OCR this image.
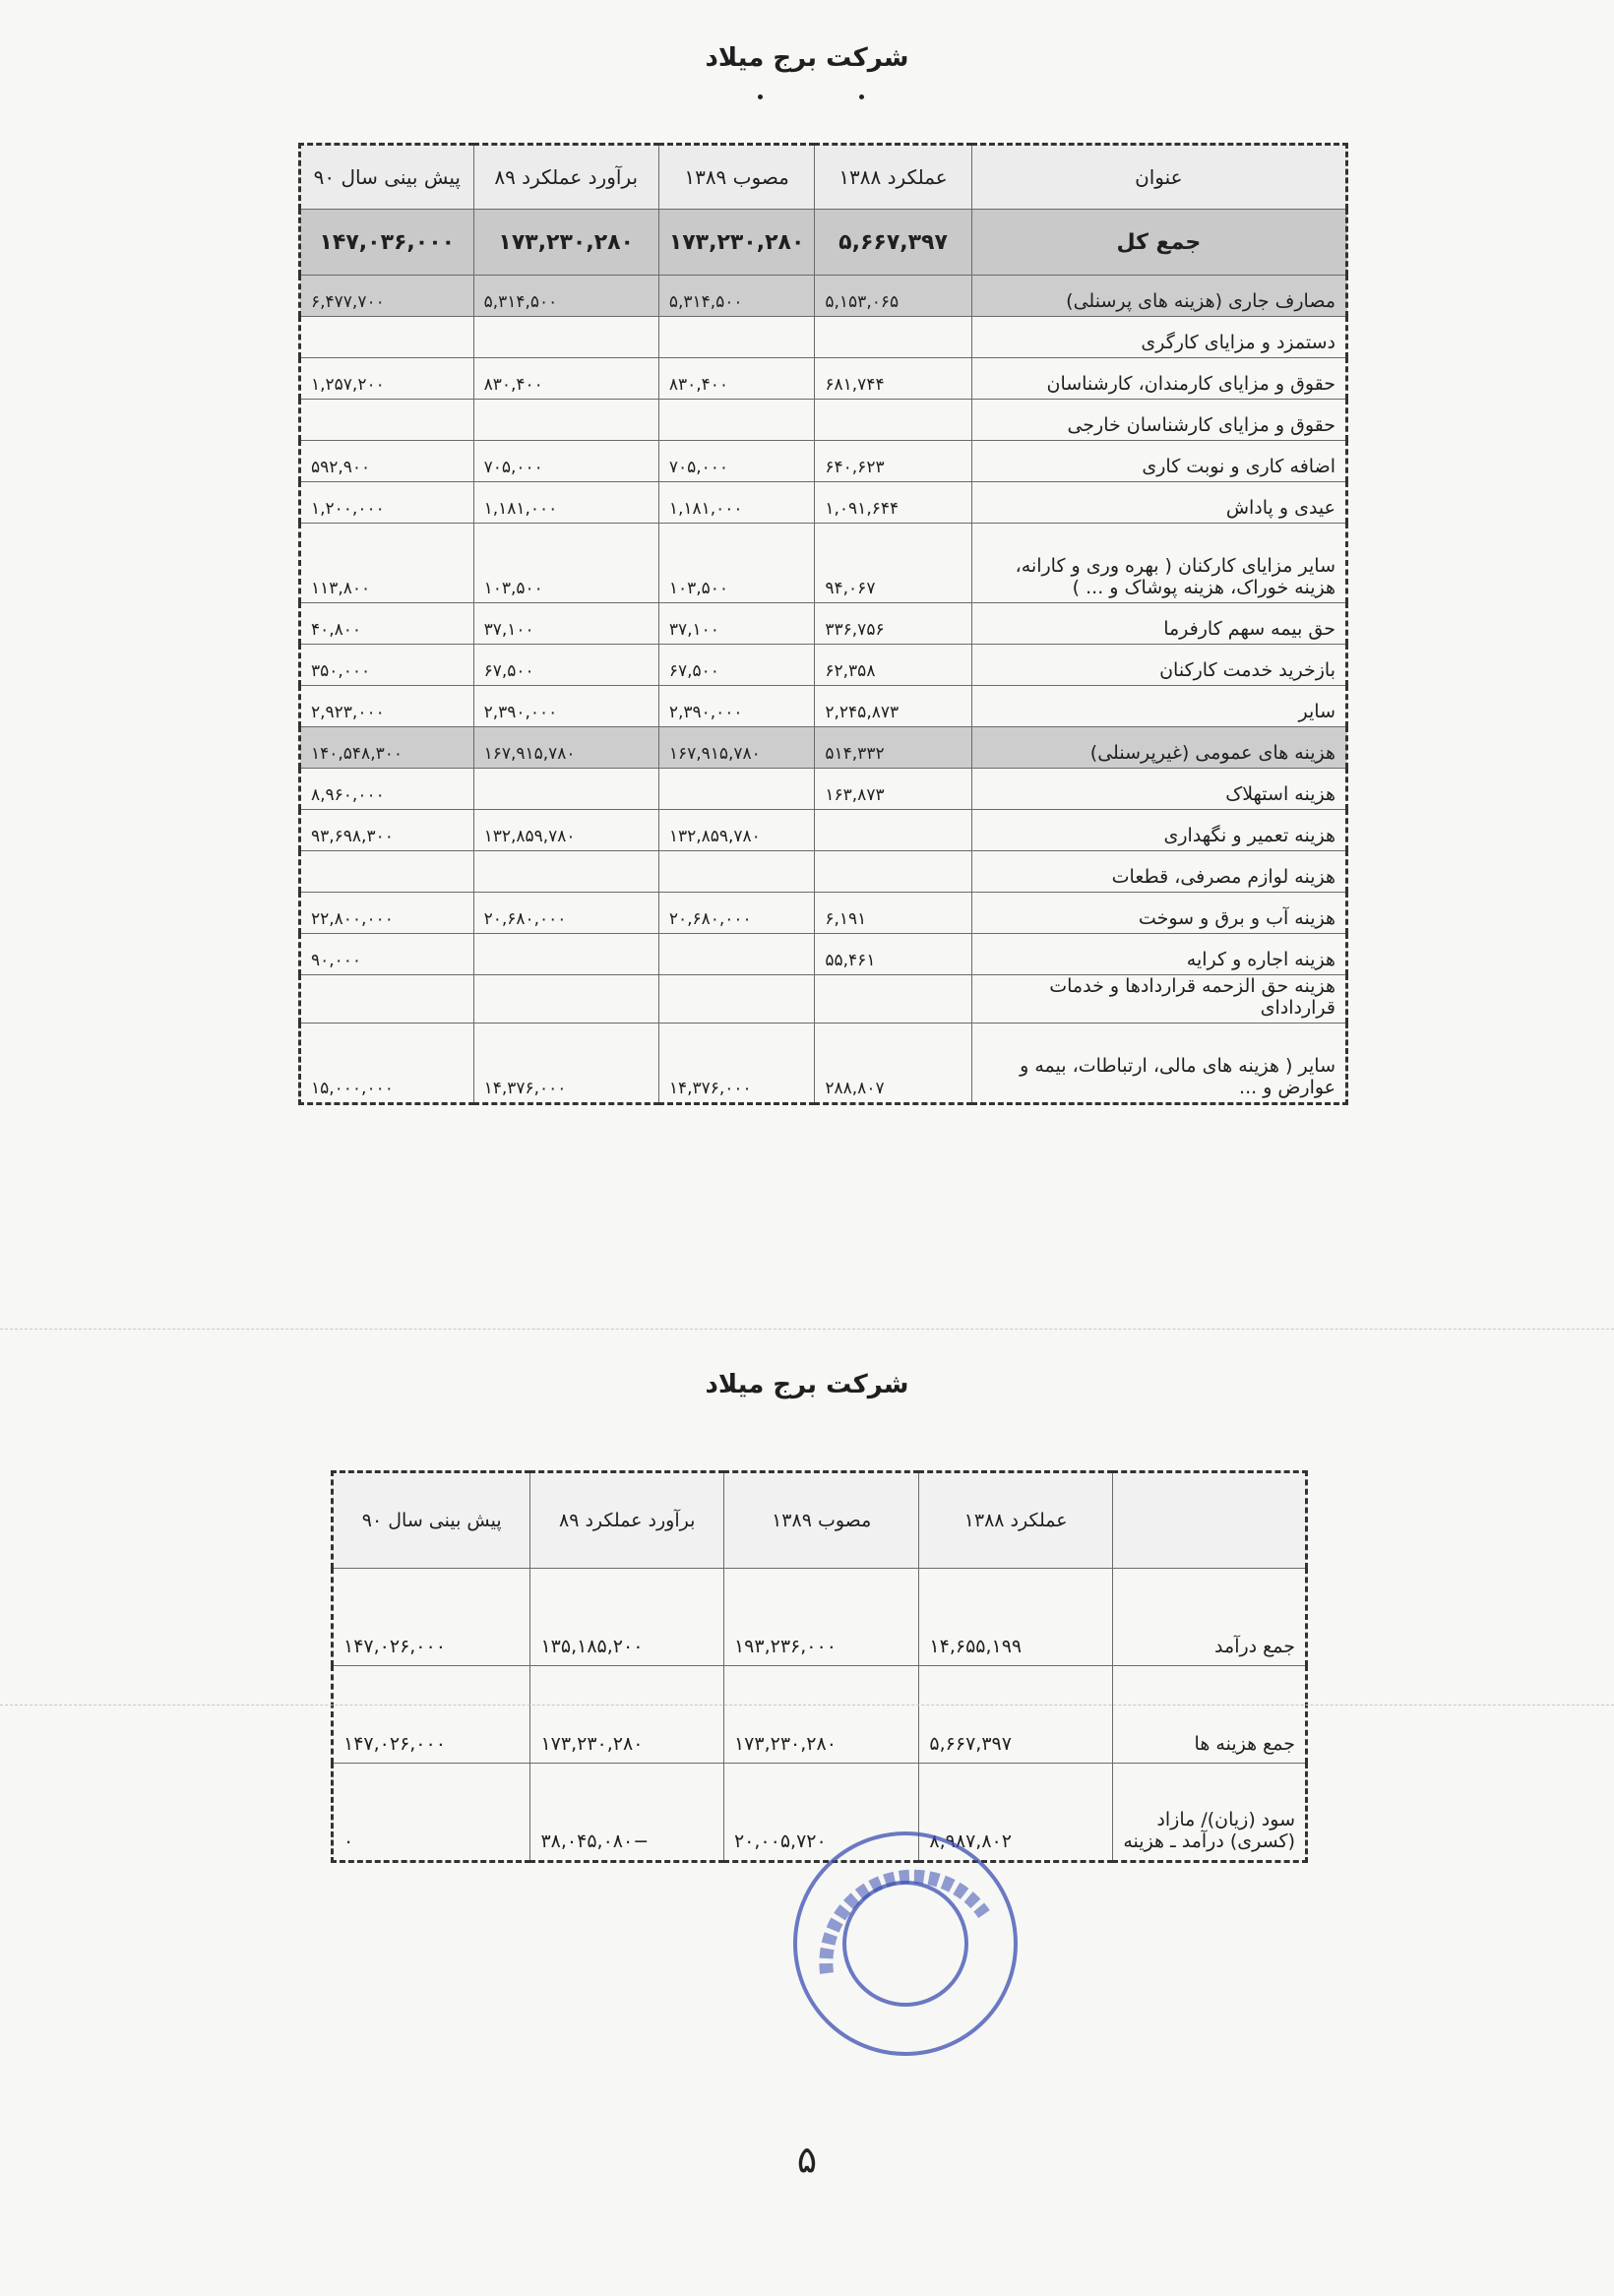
شرکت برج میلاد
عنوان	عملکرد ۱۳۸۸	مصوب ۱۳۸۹	برآورد عملکرد ۸۹	پیش بینی سال ۹۰
جمع کل	۵,۶۶۷,۳۹۷	۱۷۳,۲۳۰,۲۸۰	۱۷۳,۲۳۰,۲۸۰	۱۴۷,۰۳۶,۰۰۰
مصارف جاری (هزینه های پرسنلی)	۵,۱۵۳,۰۶۵	۵,۳۱۴,۵۰۰	۵,۳۱۴,۵۰۰	۶,۴۷۷,۷۰۰
دستمزد و مزایای کارگری				
حقوق و مزایای کارمندان، کارشناسان	۶۸۱,۷۴۴	۸۳۰,۴۰۰	۸۳۰,۴۰۰	۱,۲۵۷,۲۰۰
حقوق و مزایای کارشناسان خارجی				
اضافه کاری و نوبت کاری	۶۴۰,۶۲۳	۷۰۵,۰۰۰	۷۰۵,۰۰۰	۵۹۲,۹۰۰
عیدی و پاداش	۱,۰۹۱,۶۴۴	۱,۱۸۱,۰۰۰	۱,۱۸۱,۰۰۰	۱,۲۰۰,۰۰۰
سایر مزایای کارکنان ( بهره وری و کارانه، هزینه خوراک، هزینه پوشاک و ... )	۹۴,۰۶۷	۱۰۳,۵۰۰	۱۰۳,۵۰۰	۱۱۳,۸۰۰
حق بیمه سهم کارفرما	۳۳۶,۷۵۶	۳۷,۱۰۰	۳۷,۱۰۰	۴۰,۸۰۰
بازخرید خدمت کارکنان	۶۲,۳۵۸	۶۷,۵۰۰	۶۷,۵۰۰	۳۵۰,۰۰۰
سایر	۲,۲۴۵,۸۷۳	۲,۳۹۰,۰۰۰	۲,۳۹۰,۰۰۰	۲,۹۲۳,۰۰۰
هزینه های عمومی (غیرپرسنلی)	۵۱۴,۳۳۲	۱۶۷,۹۱۵,۷۸۰	۱۶۷,۹۱۵,۷۸۰	۱۴۰,۵۴۸,۳۰۰
هزینه استهلاک	۱۶۳,۸۷۳			۸,۹۶۰,۰۰۰
هزینه تعمیر و نگهداری		۱۳۲,۸۵۹,۷۸۰	۱۳۲,۸۵۹,۷۸۰	۹۳,۶۹۸,۳۰۰
هزینه لوازم مصرفی، قطعات				
هزینه آب و برق و سوخت	۶,۱۹۱	۲۰,۶۸۰,۰۰۰	۲۰,۶۸۰,۰۰۰	۲۲,۸۰۰,۰۰۰
هزینه اجاره و کرایه	۵۵,۴۶۱			۹۰,۰۰۰
هزینه حق الزحمه قراردادها و خدمات قراردادای				
سایر ( هزینه های مالی، ارتباطات، بیمه و عوارض و ...	۲۸۸,۸۰۷	۱۴,۳۷۶,۰۰۰	۱۴,۳۷۶,۰۰۰	۱۵,۰۰۰,۰۰۰
شرکت برج میلاد
	عملکرد ۱۳۸۸	مصوب ۱۳۸۹	برآورد عملکرد ۸۹	پیش بینی سال ۹۰
جمع درآمد	۱۴,۶۵۵,۱۹۹	۱۹۳,۲۳۶,۰۰۰	۱۳۵,۱۸۵,۲۰۰	۱۴۷,۰۲۶,۰۰۰
جمع هزینه ها	۵,۶۶۷,۳۹۷	۱۷۳,۲۳۰,۲۸۰	۱۷۳,۲۳۰,۲۸۰	۱۴۷,۰۲۶,۰۰۰
سود (زیان)/ مازاد (کسری) درآمد ـ هزینه	۸,۹۸۷,۸۰۲	۲۰,۰۰۵,۷۲۰	−۳۸,۰۴۵,۰۸۰	۰
۵
